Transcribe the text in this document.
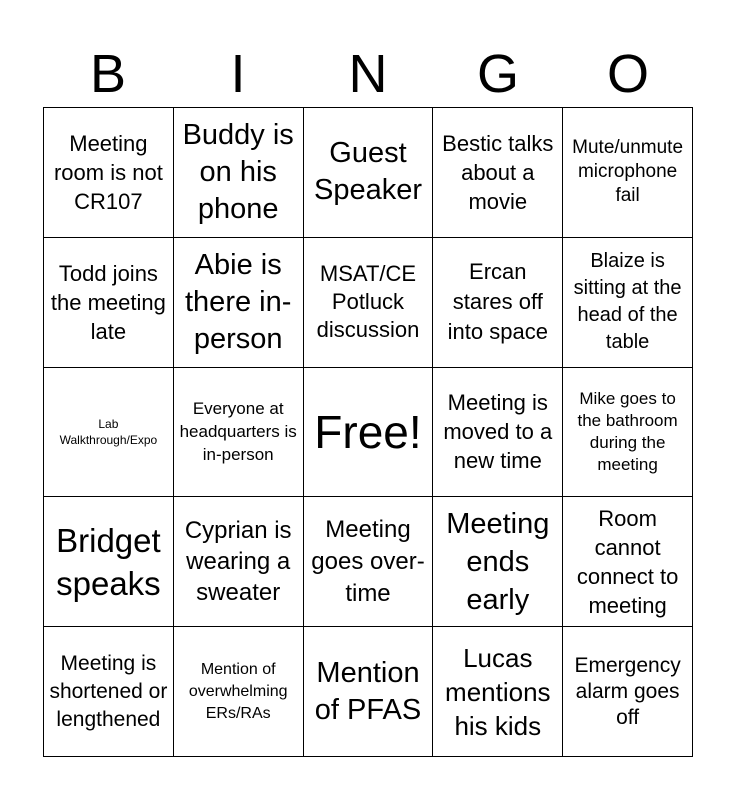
B	I	N	G	O
Meeting room is not CR107	Buddy is on his phone	Guest Speaker	Bestic talks about a movie	Mute/unmute microphone fail

Todd joins the meeting late	Abie is there in-person	MSAT/CE Potluck discussion	Ercan stares off into space	Blaize is sitting at the head of the table

Lab Walkthrough/Expo	Everyone at headquarters is in-person	Free!	Meeting is moved to a new time	Mike goes to the bathroom during the meeting

Bridget speaks	Cyprian is wearing a sweater	Meeting goes over-time	Meeting ends early	Room cannot connect to meeting

Meeting is shortened or lengthened	Mention of overwhelming ERs/RAs	Mention of PFAS	Lucas mentions his kids	Emergency alarm goes off
